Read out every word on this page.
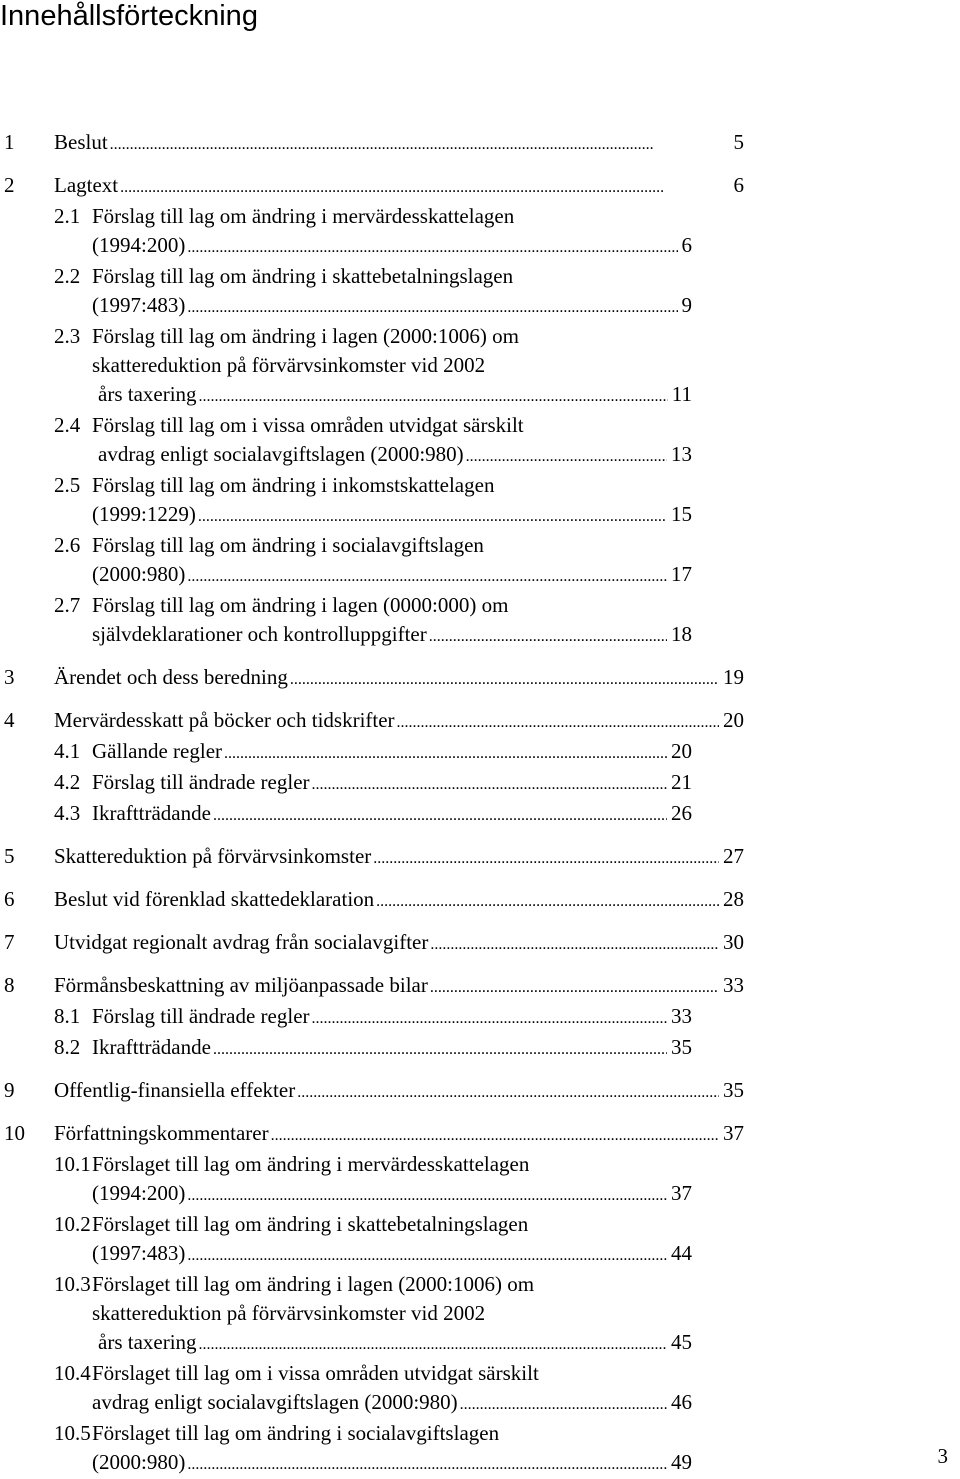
Innehållsförteckning
1	Beslut . . .	5
2	Lagtext . . .	6
2.1 Förslag till lag om ändring i mervärdesskattelagen
(1994:200) . . .	6
2.2 Förslag till lag om ändring i skattebetalningslagen
(1997:483) . . .	9
2.3 Förslag till lag om ändring i lagen (2000:1006) om
skattereduktion på förvärvsinkomster vid 2002
års taxering . . .	11
2.4 Förslag till lag om i vissa områden utvidgat särskilt
avdrag enligt socialavgiftslagen (2000:980) . . .	13
2.5 Förslag till lag om ändring i inkomstskattelagen
(1999:1229) . . .	15
2.6 Förslag till lag om ändring i socialavgiftslagen
(2000:980) . . .	17
2.7 Förslag till lag om ändring i lagen (0000:000) om
självdeklarationer och kontrolluppgifter . . .	18
3	Ärendet och dess beredning . . .	19
4	Mervärdesskatt på böcker och tidskrifter . . .	20
4.1 Gällande regler . . .	20
4.2 Förslag till ändrade regler . . .	21
4.3 Ikraftträdande . . .	26
5	Skattereduktion på förvärvsinkomster . . .	27
6	Beslut vid förenklad skattedeklaration . . .	28
7	Utvidgat regionalt avdrag från socialavgifter . . .	30
8	Förmånsbeskattning av miljöanpassade bilar . . .	33
8.1 Förslag till ändrade regler . . .	33
8.2 Ikraftträdande . . .	35
9	Offentlig-finansiella effekter . . .	35
10	Författningskommentarer . . .	37
10.1 Förslaget till lag om ändring i mervärdesskattelagen
(1994:200) . . .	37
10.2 Förslaget till lag om ändring i skattebetalningslagen
(1997:483) . . .	44
10.3 Förslaget till lag om ändring i lagen (2000:1006) om
skattereduktion på förvärvsinkomster vid 2002
års taxering . . .	45
10.4 Förslaget till lag om i vissa områden utvidgat särskilt
avdrag enligt socialavgiftslagen (2000:980) . . .	46
10.5 Förslaget till lag om ändring i socialavgiftslagen
(2000:980) . . .	49	3
